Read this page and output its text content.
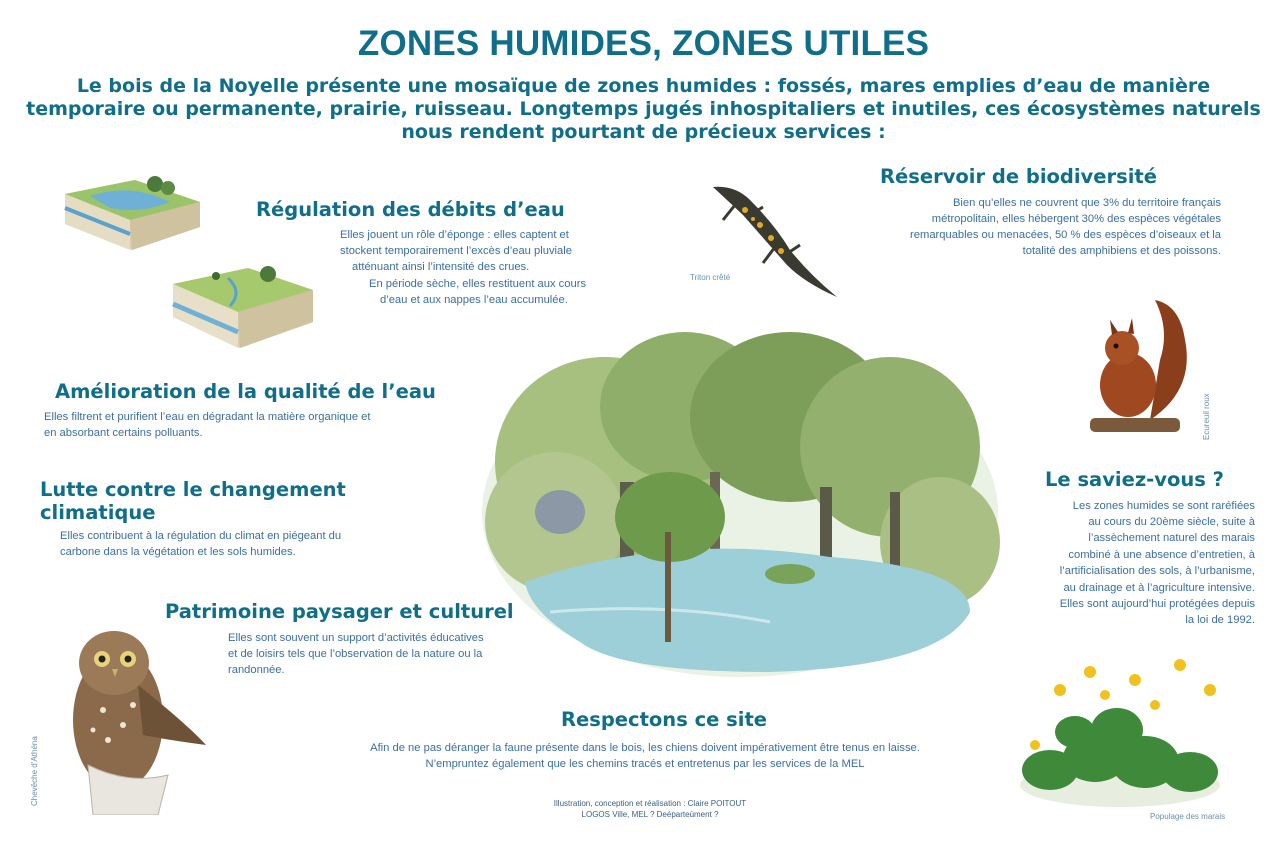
ZONES HUMIDES, ZONES UTILES
Le bois de la Noyelle présente une mosaïque de zones humides : fossés, mares emplies d’eau de manière temporaire ou permanente, prairie, ruisseau. Longtemps jugés inhospitaliers et inutiles, ces écosystèmes naturels nous rendent pourtant de précieux services :
Régulation des débits d’eau
Elles jouent un rôle d’éponge : elles captent et
stockent temporairement l’excès d’eau pluviale
atténuant ainsi l’intensité des crues.
En période sèche, elles restituent aux cours
d’eau et aux nappes l’eau accumulée.
Amélioration de la qualité de l’eau
Elles filtrent et purifient l’eau en dégradant la matière organique et
en absorbant certains polluants.
Lutte contre le changement
climatique
Elles contribuent à la régulation du climat en piégeant du
carbone dans la végétation et les sols humides.
Patrimoine paysager et culturel
Elles sont souvent un support d’activités éducatives
et de loisirs tels que l’observation de la nature ou la
randonnée.
Chevêche d’Athéna
Triton crêté
Réservoir de biodiversité
Bien qu’elles ne couvrent que 3% du territoire français
métropolitain, elles hébergent 30% des espèces végétales
remarquables ou menacées, 50 % des espèces d’oiseaux et la
totalité des amphibiens et des poissons.
Ecureuil roux
Le saviez-vous ?
Les zones humides se sont raréfiées
au cours du 20ème siècle, suite à
l’assèchement naturel des marais
combiné à une absence d’entretien, à
l’artificialisation des sols, à l’urbanisme,
au drainage et à l’agriculture intensive.
Elles sont aujourd’hui protégées depuis
la loi de 1992.
Respectons ce site
Afin de ne pas déranger la faune présente dans le bois, les chiens doivent impérativement être tenus en laisse.
N’empruntez également que les chemins tracés et entretenus par les services de la MEL
Illustration, conception et réalisation : Claire POITOUT
LOGOS Ville, MEL ? Deéparteùment ?	Populage des marais
